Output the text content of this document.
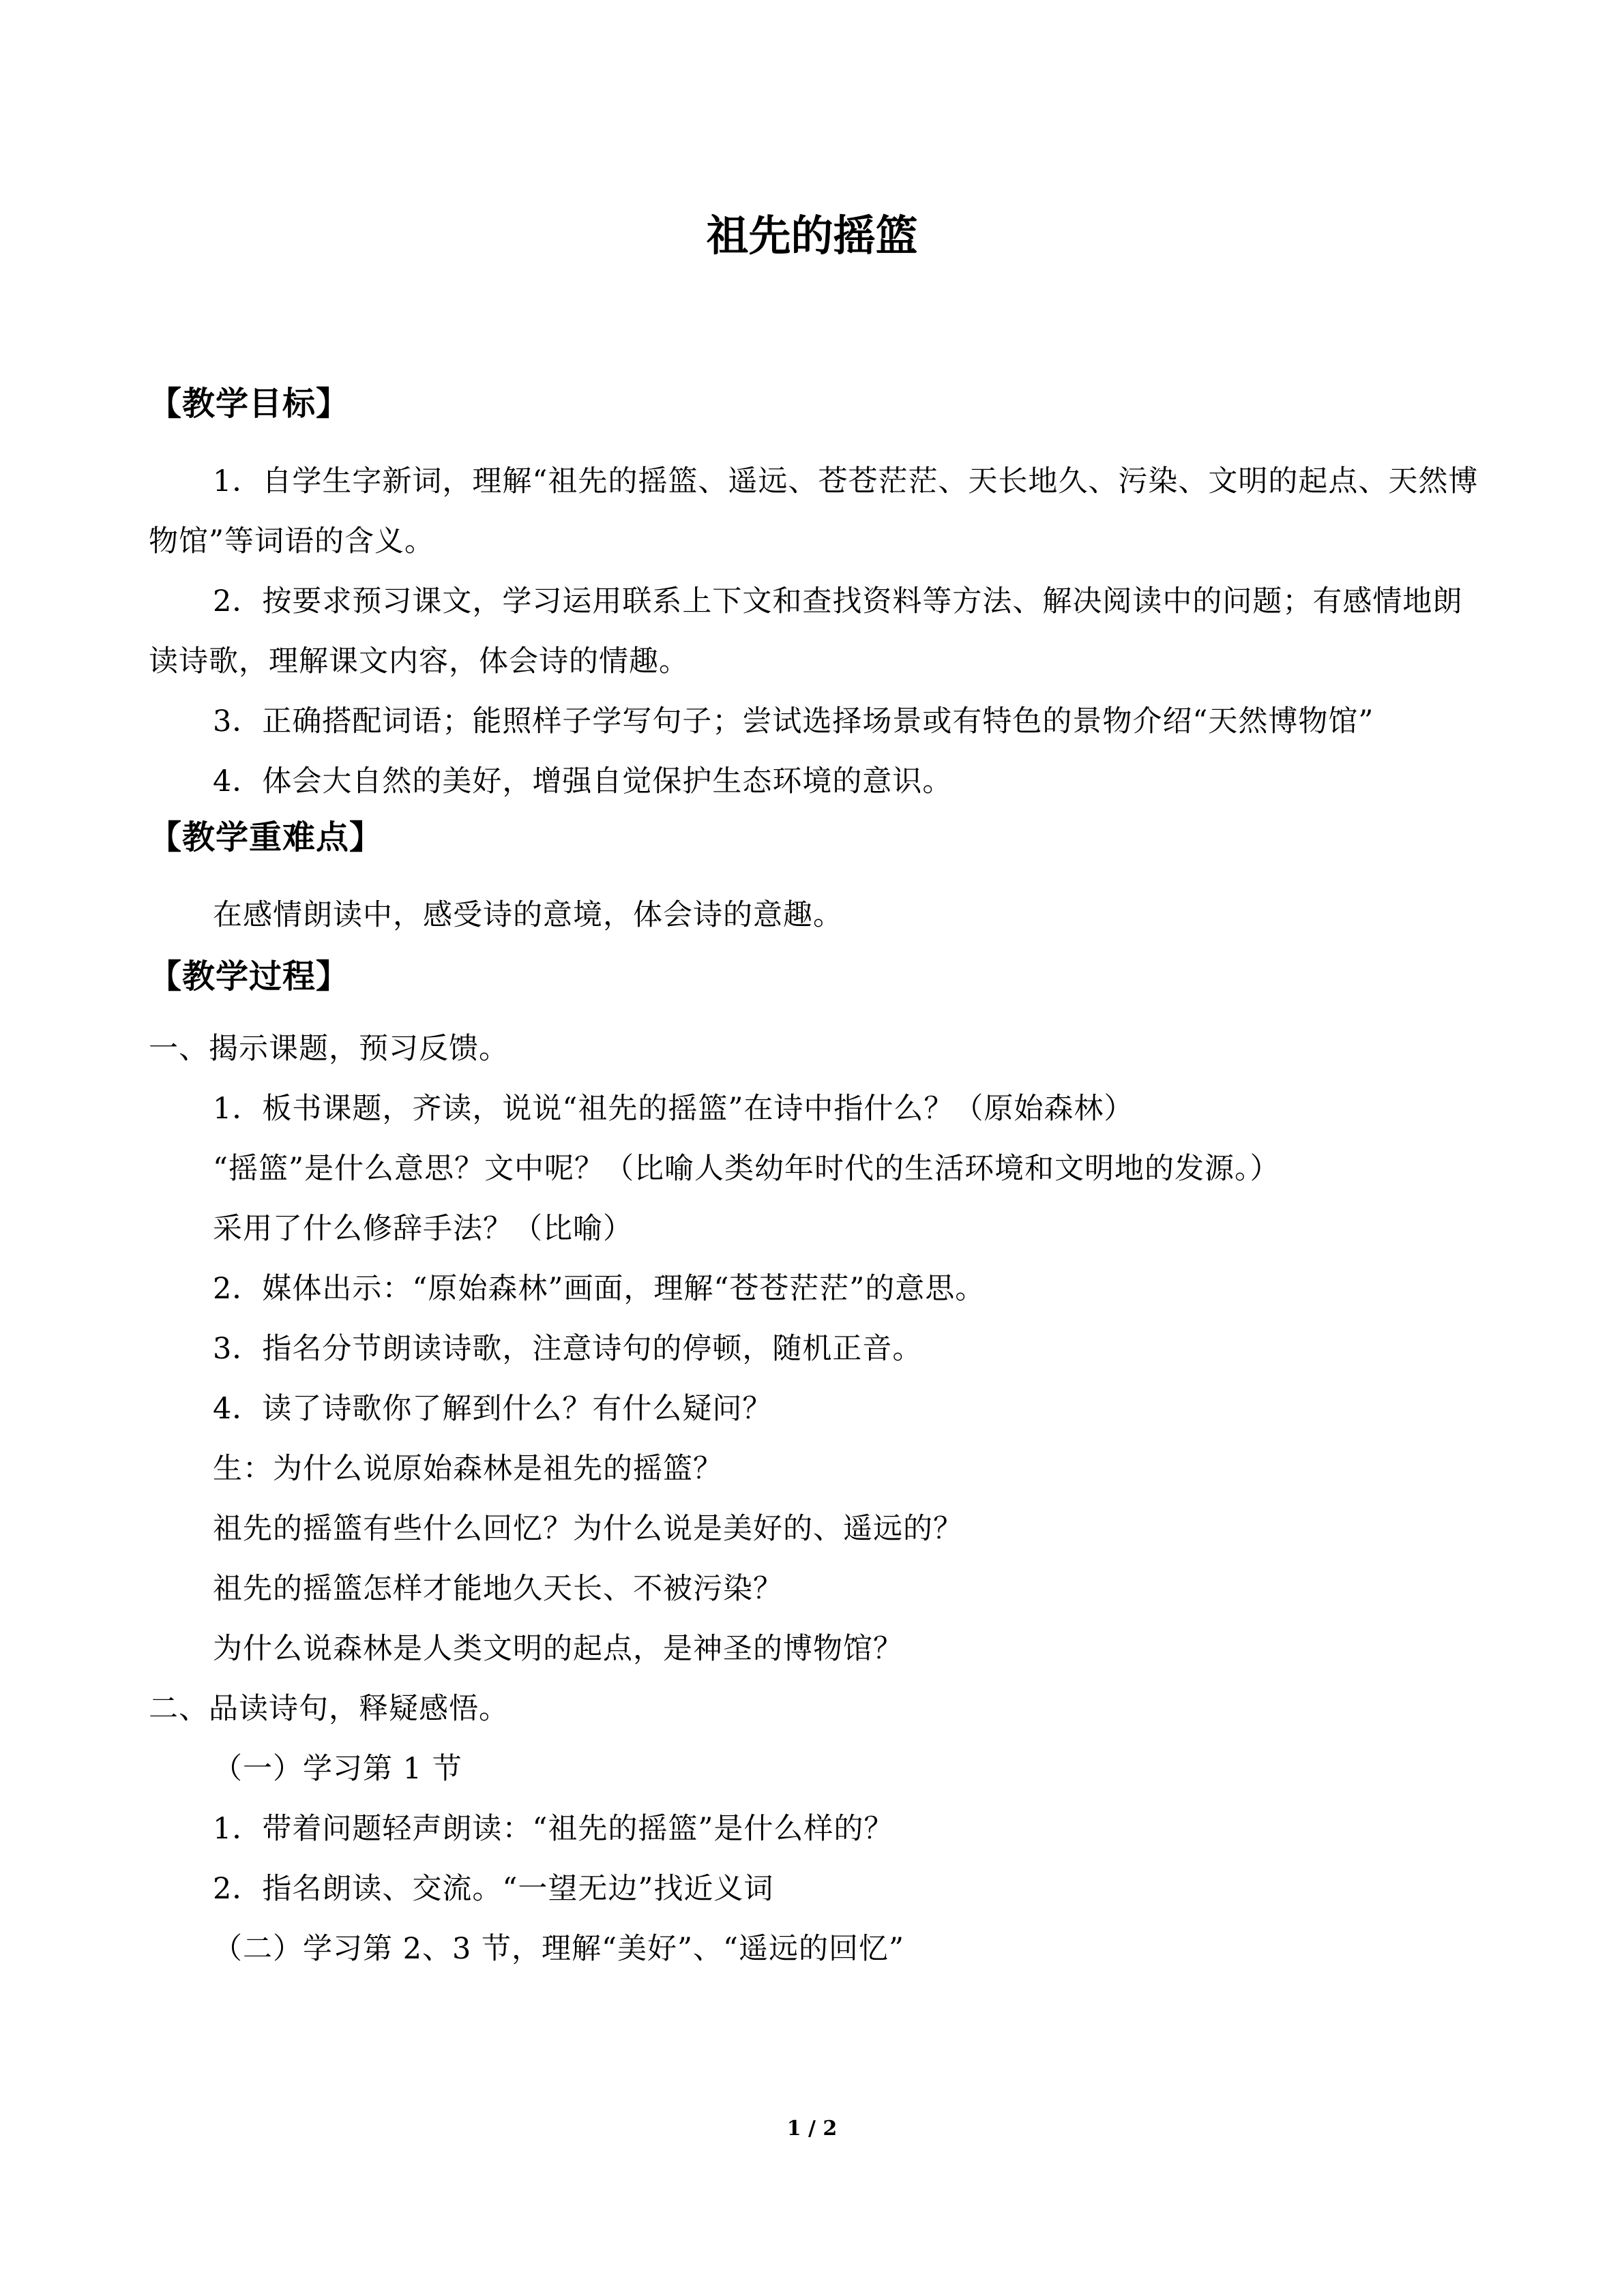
祖先的摇篮
【教学目标】

1．自学生字新词，理解“祖先的摇篮、遥远、苍苍茫茫、天长地久、污染、文明的起点、天然博物馆”等词语的含义。

2．按要求预习课文，学习运用联系上下文和查找资料等方法、解决阅读中的问题；有感情地朗读诗歌，理解课文内容，体会诗的情趣。

3．正确搭配词语；能照样子学写句子；尝试选择场景或有特色的景物介绍“天然博物馆”

4．体会大自然的美好，增强自觉保护生态环境的意识。

【教学重难点】

在感情朗读中，感受诗的意境，体会诗的意趣。

【教学过程】

一、揭示课题，预习反馈。

1．板书课题，齐读，说说“祖先的摇篮”在诗中指什么？（原始森林）

“摇篮”是什么意思？文中呢？（比喻人类幼年时代的生活环境和文明地的发源。）

采用了什么修辞手法？（比喻）

2．媒体出示：“原始森林”画面，理解“苍苍茫茫”的意思。

3．指名分节朗读诗歌，注意诗句的停顿，随机正音。

4．读了诗歌你了解到什么？有什么疑问？

生：为什么说原始森林是祖先的摇篮？

祖先的摇篮有些什么回忆？为什么说是美好的、遥远的？

祖先的摇篮怎样才能地久天长、不被污染？

为什么说森林是人类文明的起点，是神圣的博物馆？

二、品读诗句，释疑感悟。

（一）学习第 1 节

1．带着问题轻声朗读：“祖先的摇篮”是什么样的？

2．指名朗读、交流。“一望无边”找近义词

（二）学习第 2、3 节，理解“美好”、“遥远的回忆”

1 / 2
